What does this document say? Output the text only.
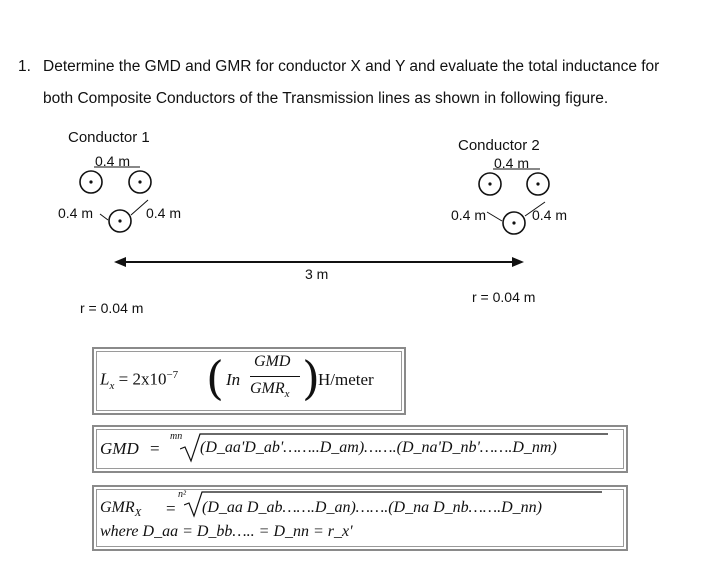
1. Determine the GMD and GMR for conductor X and Y and evaluate the total inductance for
both Composite Conductors of the Transmission lines as shown in following figure.
Conductor 1
0.4 m
0.4 m	0.4 m
r = 0.04 m
Conductor 2
0.4 m
0.4 m	0.4 m
r = 0.04 m
3 m
$L_x = 2x10^{-7}$ ( In
GMD
$GMR_x$ )
H/meter
GMD =
mn
(D_aa'D_ab'……..D_am)…….(D_na'D_nb'…….D_nm)
$GMR_X$ =
n²
(D_aa D_ab…….D_an)…….(D_na D_nb…….D_nn)
where D_aa = D_bb….. = D_nn = r_x'
